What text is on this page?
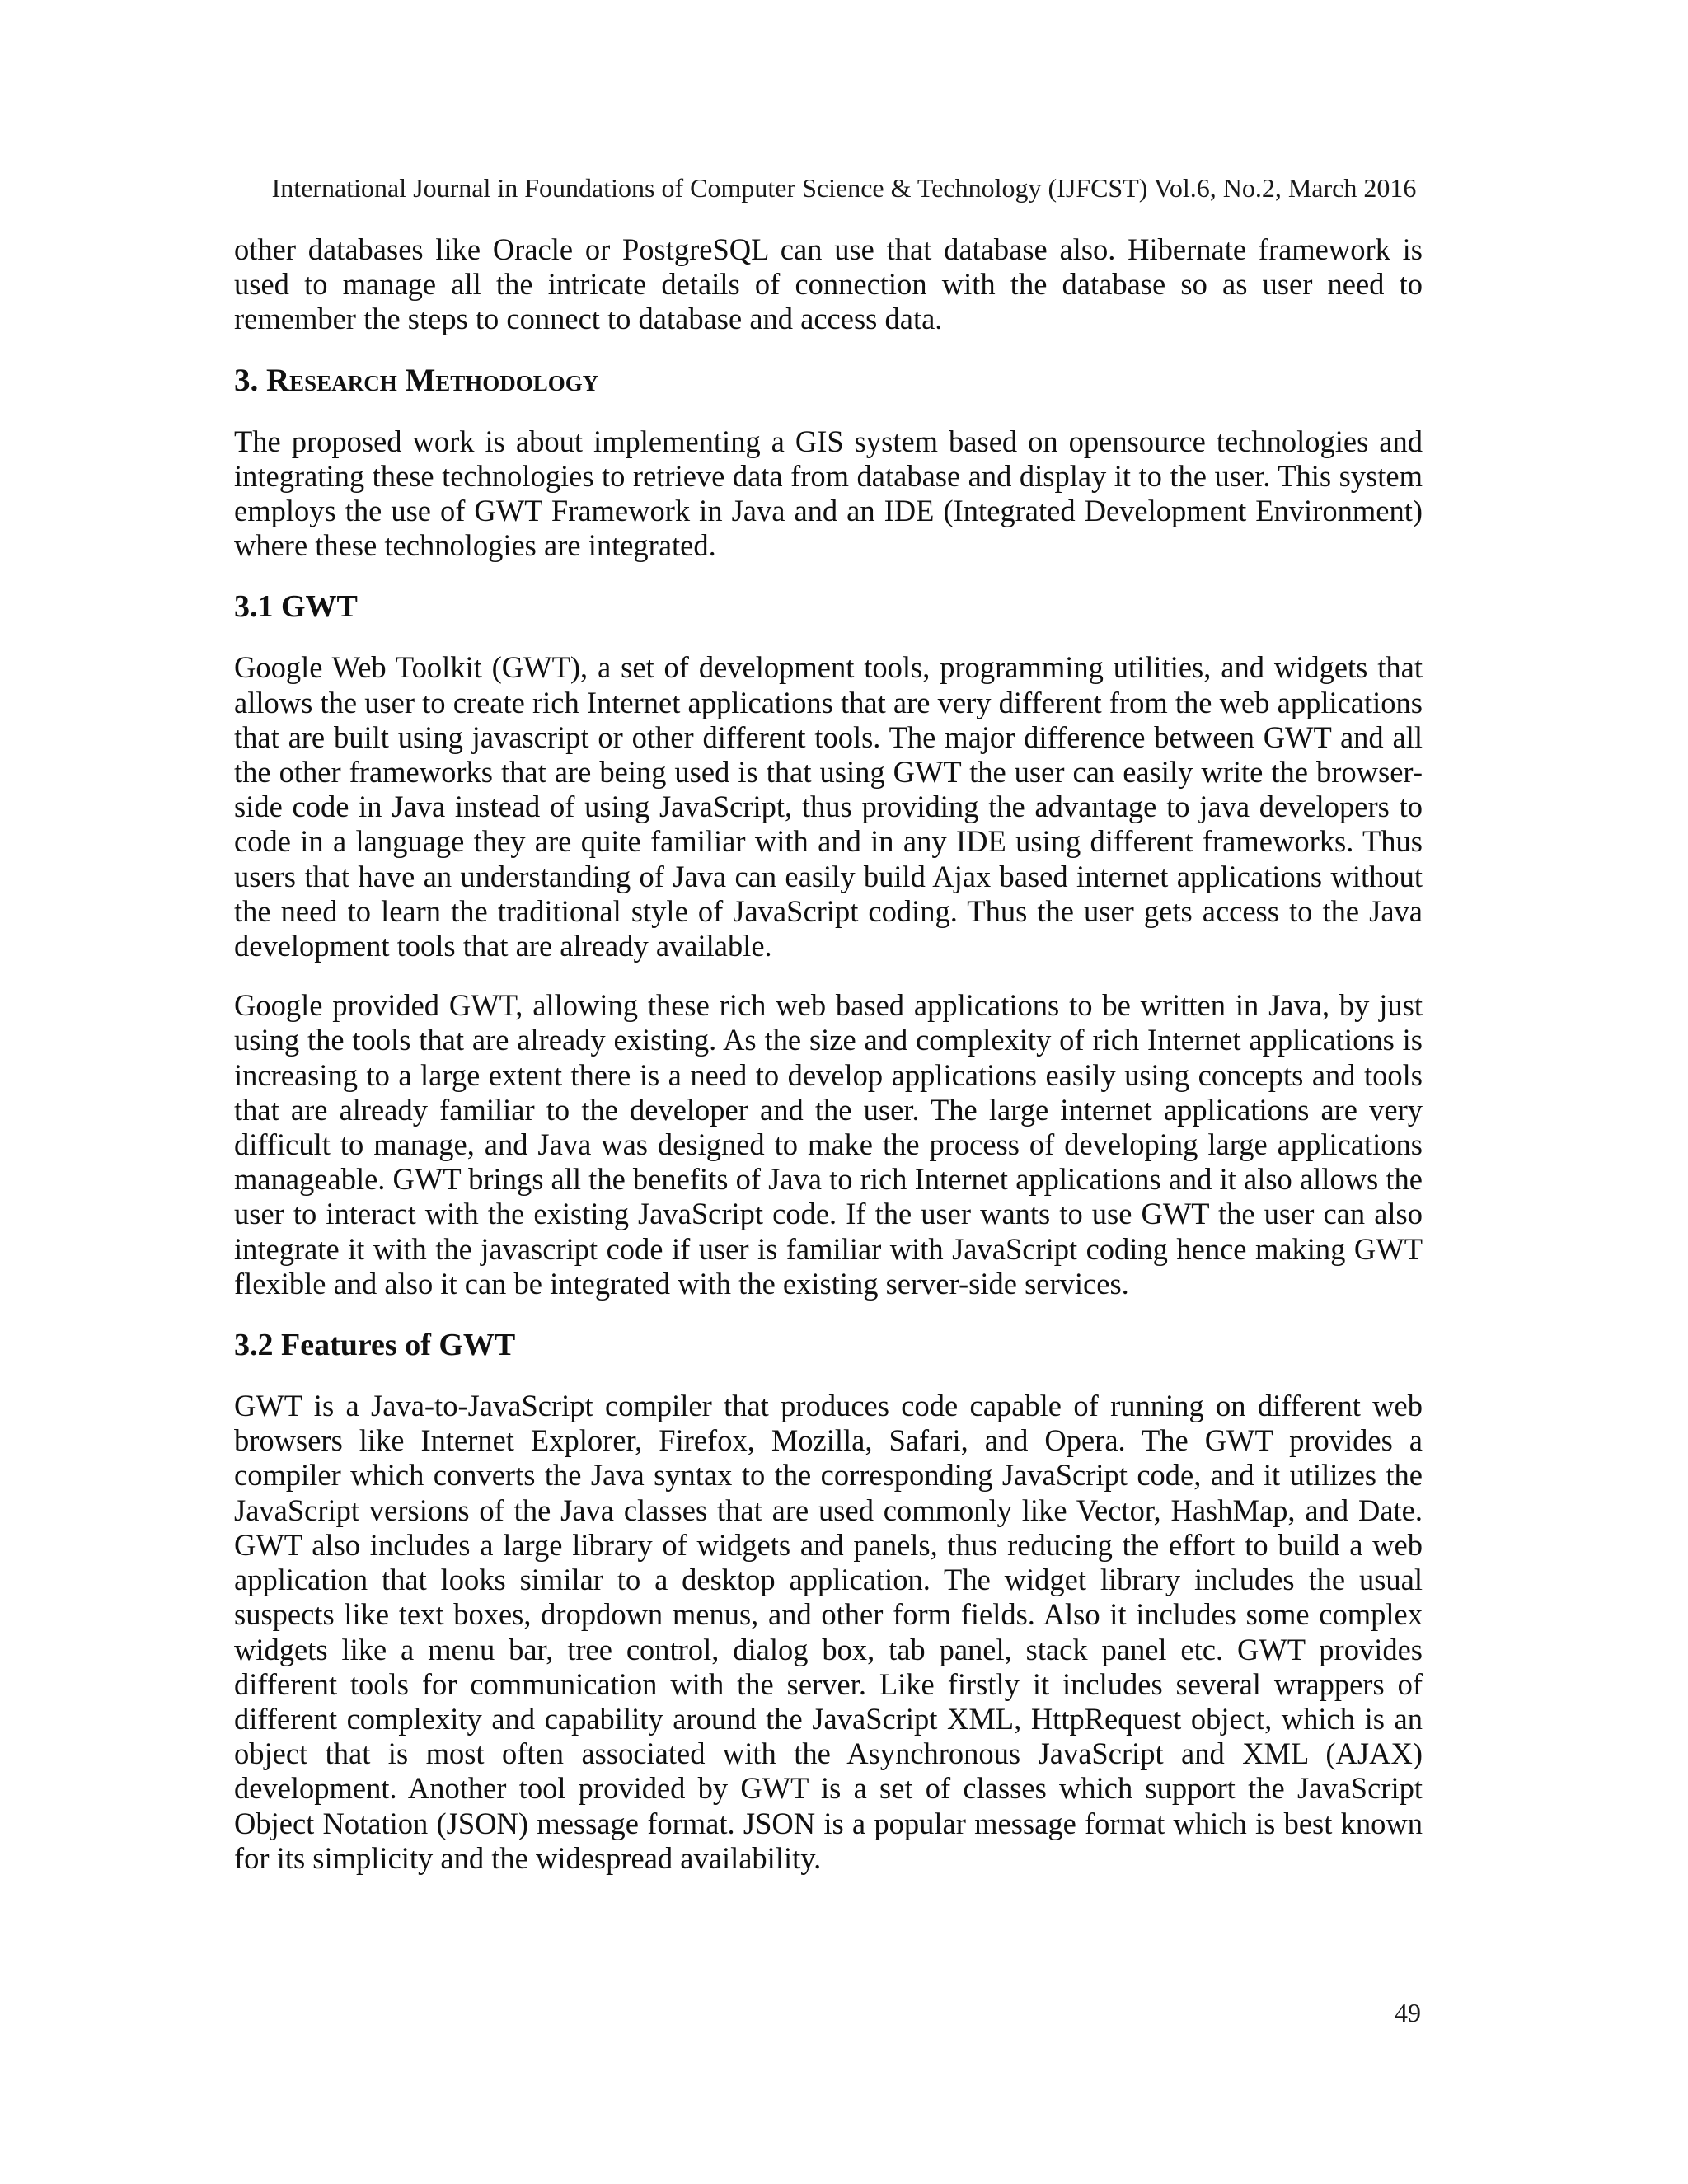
International Journal in Foundations of Computer Science & Technology (IJFCST) Vol.6, No.2, March 2016

other databases like Oracle or PostgreSQL can use that database also. Hibernate framework is used to manage all the intricate details of connection with the database so as user need to remember the steps to connect to database and access data.

3. Research Methodology

The proposed work is about implementing a GIS system based on opensource technologies and integrating these technologies to retrieve data from database and display it to the user. This system employs the use of GWT Framework in Java and an IDE (Integrated Development Environment) where these technologies are integrated.

3.1 GWT

Google Web Toolkit (GWT), a set of development tools, programming utilities, and widgets that allows the user to create rich Internet applications that are very different from the web applications that are built using javascript or other different tools. The major difference between GWT and all the other frameworks that are being used is that using GWT the user can easily write the browser-side code in Java instead of using JavaScript, thus providing the advantage to java developers to code in a language they are quite familiar with and in any IDE using different frameworks. Thus users that have an understanding of Java can easily build Ajax based internet applications without the need to learn the traditional style of JavaScript coding. Thus the user gets access to the Java development tools that are already available.

Google provided GWT, allowing these rich web based applications to be written in Java, by just using the tools that are already existing. As the size and complexity of rich Internet applications is increasing to a large extent there is a need to develop applications easily using concepts and tools that are already familiar to the developer and the user. The large internet applications are very difficult to manage, and Java was designed to make the process of developing large applications manageable. GWT brings all the benefits of Java to rich Internet applications and it also allows the user to interact with the existing JavaScript code. If the user wants to use GWT the user can also integrate it with the javascript code if user is familiar with JavaScript coding hence making GWT flexible and also it can be integrated with the existing server-side services.

3.2 Features of GWT

GWT is a Java-to-JavaScript compiler that produces code capable of running on different web browsers like Internet Explorer, Firefox, Mozilla, Safari, and Opera. The GWT provides a compiler which converts the Java syntax to the corresponding JavaScript code, and it utilizes the JavaScript versions of the Java classes that are used commonly like Vector, HashMap, and Date. GWT also includes a large library of widgets and panels, thus reducing the effort to build a web application that looks similar to a desktop application. The widget library includes the usual suspects like text boxes, dropdown menus, and other form fields. Also it includes some complex widgets like a menu bar, tree control, dialog box, tab panel, stack panel etc. GWT provides different tools for communication with the server. Like firstly it includes several wrappers of different complexity and capability around the JavaScript XML, HttpRequest object, which is an object that is most often associated with the Asynchronous JavaScript and XML (AJAX) development. Another tool provided by GWT is a set of classes which support the JavaScript Object Notation (JSON) message format. JSON is a popular message format which is best known for its simplicity and the widespread availability.

49
